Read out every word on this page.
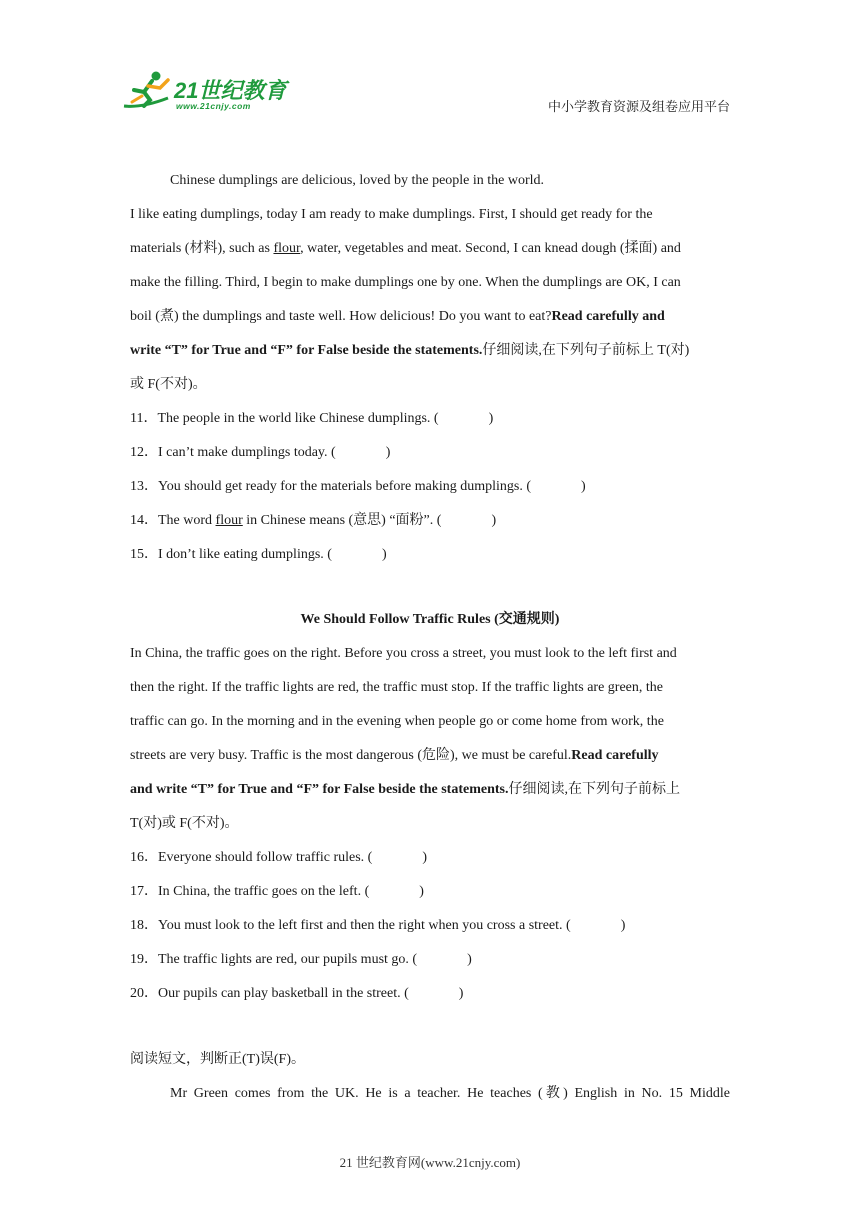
21世纪教育
www.21cnjy.com	中小学教育资源及组卷应用平台
Chinese dumplings are delicious, loved by the people in the world.
I like eating dumplings, today I am ready to make dumplings. First, I should get ready for the
materials (材料), such as flour, water, vegetables and meat. Second, I can knead dough (揉面) and
make the filling. Third, I begin to make dumplings one by one. When the dumplings are OK, I can
boil (煮) the dumplings and taste well. How delicious! Do you want to eat?Read carefully and
write “T” for True and “F” for False beside the statements.仔细阅读,在下列句子前标上 T(对)
或 F(不对)。
11．The people in the world like Chinese dumplings. (	)
12．I can’t make dumplings today. (	)
13．You should get ready for the materials before making dumplings. (	)
14．The word flour in Chinese means (意思) “面粉”. (	)
15．I don’t like eating dumplings. (	)
We Should Follow Traffic Rules (交通规则)
In China, the traffic goes on the right. Before you cross a street, you must look to the left first and
then the right. If the traffic lights are red, the traffic must stop. If the traffic lights are green, the
traffic can go. In the morning and in the evening when people go or come home from work, the
streets are very busy. Traffic is the most dangerous (危险), we must be careful.Read carefully
and write “T” for True and “F” for False beside the statements.仔细阅读,在下列句子前标上
T(对)或 F(不对)。
16．Everyone should follow traffic rules. (	)
17．In China, the traffic goes on the left. (	)
18．You must look to the left first and then the right when you cross a street. (	)
19．The traffic lights are red, our pupils must go. (	)
20．Our pupils can play basketball in the street. (	)
阅读短文，判断正(T)误(F)。
Mr Green comes from the UK. He is a teacher. He teaches (教) English in No. 15 Middle
21 世纪教育网(www.21cnjy.com)
